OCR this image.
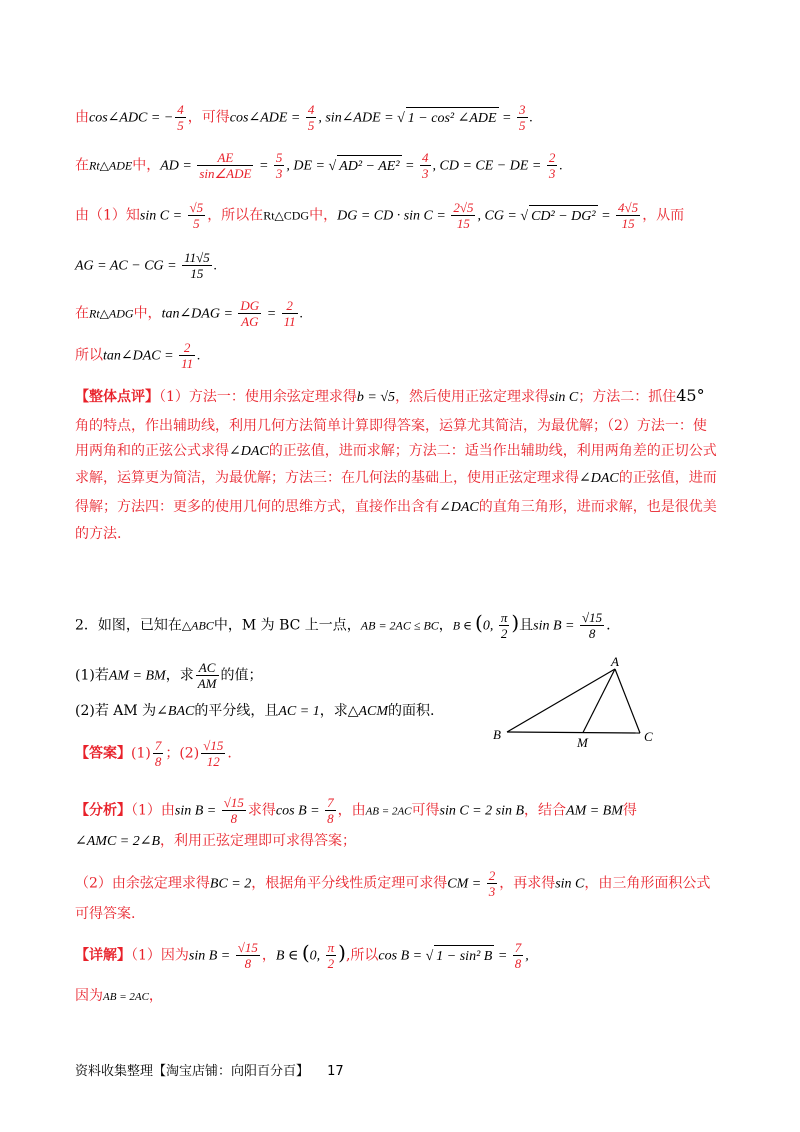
由cos∠ADC = − $\frac{4}{5}$ ，可得cos∠ADE = $\frac{4}{5}$ , sin∠ADE = √ 1 − cos² ∠ADE = $\frac{3}{5}$ .
在Rt△ADE中，AD = $\frac{AE}{\text{sin∠ADE}} = \frac{5}{3}$ , DE = √ $AD^2 - AE^2 = \frac{4}{3}$ , CD = CE − DE = $\frac{2}{3}$ .
由（1）知$\sin C = \frac{√5}{5}$ ，所以在Rt△CDG中，DG = CD · $\sin C = \frac{2√5}{15}$ , CG = √ $CD^2 - DG^2 = \frac{4√5}{15}$ ，从而
AG = AC − CG = $\frac{11√5}{15}$ .
在Rt△ADG中，tan∠DAG = $\frac{DG}{AG} = \frac{2}{11}$ .
所以tan∠DAC = $\frac{2}{11}$ .
【整体点评】（1）方法一：使用余弦定理求得b = √5，然后使用正弦定理求得sin C；方法二：抓住45°
角的特点，作出辅助线，利用几何方法简单计算即得答案，运算尤其简洁，为最优解；（2）方法一：使
用两角和的正弦公式求得∠DAC的正弦值，进而求解；方法二：适当作出辅助线，利用两角差的正切公式
求解，运算更为简洁，为最优解；方法三：在几何法的基础上，使用正弦定理求得∠DAC的正弦值，进而
得解；方法四：更多的使用几何的思维方式，直接作出含有∠DAC的直角三角形，进而求解，也是很优美
的方法.
2．如图，已知在△ABC中，M 为 BC 上一点，AB = 2AC ≤ BC，B ∈ (0, $\frac{\pi}{2}$ )且$\sin B = \frac{√15}{8}$ .
(1)若AM = BM，求 $\frac{AC}{AM}$ 的值；
(2)若 AM 为∠BAC的平分线，且AC = 1，求△ACM的面积.
【答案】$(1) \frac{7}{8}$ ；$(2) \frac{√15}{12}$ .
A
B
M	C
【分析】（1）由$\sin B = \frac{√15}{8}$ 求得$\cos B = \frac{7}{8}$ ，由AB = 2AC可得sin C = 2 sin B，结合AM = BM得
∠AMC = 2∠B，利用正弦定理即可求得答案；
（2）由余弦定理求得BC = 2，根据角平分线性质定理可求得CM = $\frac{2}{3}$ ，再求得sin C，由三角形面积公式
可得答案.
【详解】（1）因为$\sin B = \frac{√15}{8}$ ，B ∈ (0, $\frac{\pi}{2}$ ),所以cos B = √ 1 − sin² $B = \frac{7}{8}$ ,
因为AB = 2AC，
资料收集整理【淘宝店铺：向阳百分百】 17
